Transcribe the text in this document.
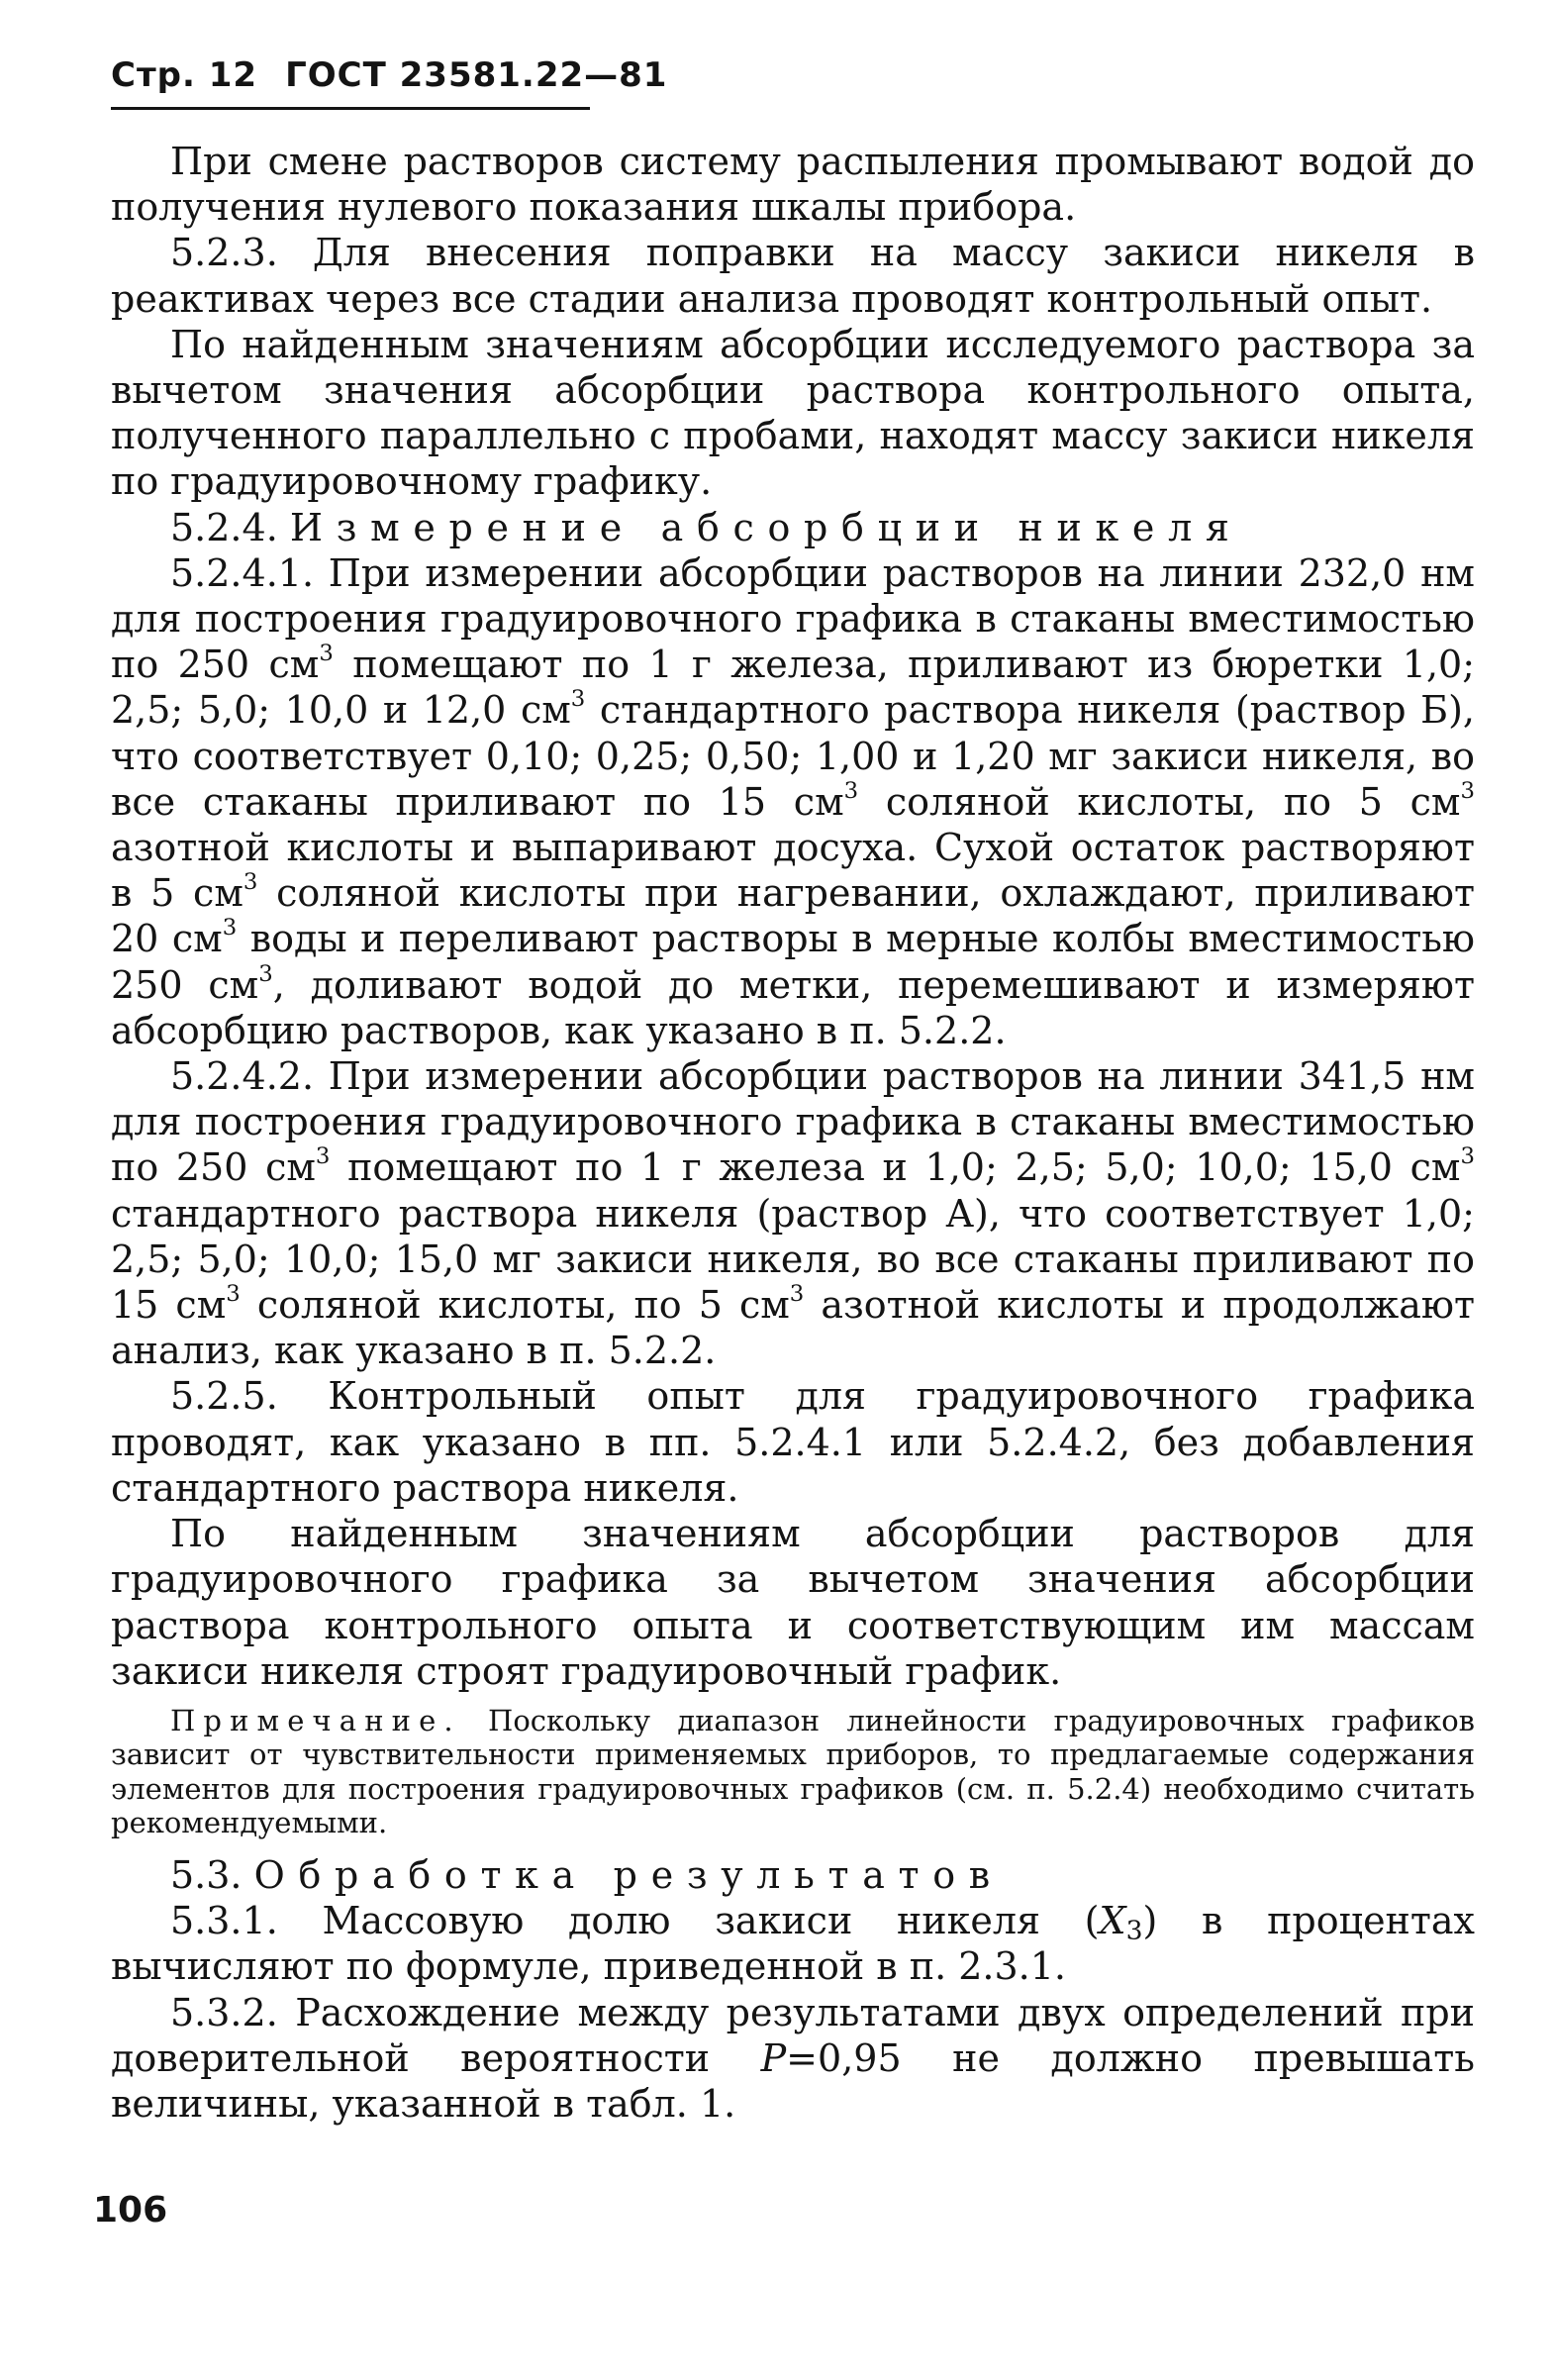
Стр. 12 ГОСТ 23581.22—81

При смене растворов систему распыления промывают водой до получения нулевого показания шкалы прибора.

5.2.3. Для внесения поправки на массу закиси никеля в реактивах через все стадии анализа проводят контрольный опыт.

По найденным значениям абсорбции исследуемого раствора за вычетом значения абсорбции раствора контрольного опыта, полученного параллельно с пробами, находят массу закиси никеля по градуировочному графику.

5.2.4. Измерение абсорбции никеля

5.2.4.1. При измерении абсорбции растворов на линии 232,0 нм для построения градуировочного графика в стаканы вместимостью по 250 $см^3$ помещают по 1 г железа, приливают из бюретки 1,0; 2,5; 5,0; 10,0 и 12,0 $см^3$ стандартного раствора никеля (раствор Б), что соответствует 0,10; 0,25; 0,50; 1,00 и 1,20 мг закиси никеля, во все стаканы приливают по 15 $см^3$ соляной кислоты, по 5 $см^3$ азотной кислоты и выпаривают досуха. Сухой остаток растворяют в 5 $см^3$ соляной кислоты при нагревании, охлаждают, приливают 20 $см^3$ воды и переливают растворы в мерные колбы вместимостью 250 $см^3$, доливают водой до метки, перемешивают и измеряют абсорбцию растворов, как указано в п. 5.2.2.

5.2.4.2. При измерении абсорбции растворов на линии 341,5 нм для построения градуировочного графика в стаканы вместимостью по 250 $см^3$ помещают по 1 г железа и 1,0; 2,5; 5,0; 10,0; 15,0 $см^3$ стандартного раствора никеля (раствор А), что соответствует 1,0; 2,5; 5,0; 10,0; 15,0 мг закиси никеля, во все стаканы приливают по 15 $см^3$ соляной кислоты, по 5 $см^3$ азотной кислоты и продолжают анализ, как указано в п. 5.2.2.

5.2.5. Контрольный опыт для градуировочного графика проводят, как указано в пп. 5.2.4.1 или 5.2.4.2, без добавления стандартного раствора никеля.

По найденным значениям абсорбции растворов для градуировочного графика за вычетом значения абсорбции раствора контрольного опыта и соответствующим им массам закиси никеля строят градуировочный график.

Примечание. Поскольку диапазон линейности градуировочных графиков зависит от чувствительности применяемых приборов, то предлагаемые содержания элементов для построения градуировочных графиков (см. п. 5.2.4) необходимо считать рекомендуемыми.

5.3. Обработка результатов

5.3.1. Массовую долю закиси никеля $(X_3)$ в процентах вычисляют по формуле, приведенной в п. 2.3.1.

5.3.2. Расхождение между результатами двух определений при доверительной вероятности P=0,95 не должно превышать величины, указанной в табл. 1.

106
